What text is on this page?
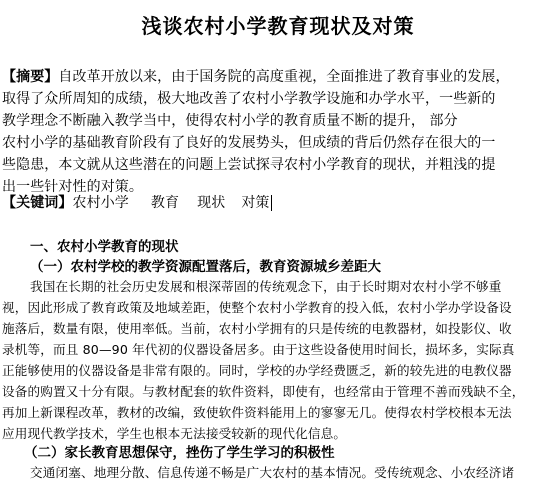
浅谈农村小学教育现状及对策
【摘要】自改革开放以来，由于国务院的高度重视，全面推进了教育事业的发展，
取得了众所周知的成绩，极大地改善了农村小学教学设施和办学水平，一些新的
教学理念不断融入教学当中，使得农村小学的教育质量不断的提升， 部分
农村小学的基础教育阶段有了良好的发展势头，但成绩的背后仍然存在很大的一
些隐患，本文就从这些潜在的问题上尝试探寻农村小学教育的现状，并粗浅的提
出一些针对性的对策。
【关键词】农村小学 教育 现状 对策
一、农村小学教育的现状
（一）农村学校的教学资源配置落后，教育资源城乡差距大
我国在长期的社会历史发展和根深蒂固的传统观念下，由于长时期对农村小学不够重
视，因此形成了教育政策及地域差距，使整个农村小学教育的投入低，农村小学办学设备设
施落后，数量有限，使用率低。当前，农村小学拥有的只是传统的电教器材，如投影仪、收
录机等，而且 80—90 年代初的仪器设备居多。由于这些设备使用时间长，损坏多，实际真
正能够使用的仪器设备是非常有限的。同时，学校的办学经费匮乏，新的较先进的电教仪器
设备的购置又十分有限。与教材配套的软件资料，即使有，也经常由于管理不善而残缺不全，
再加上新课程改革，教材的改编，致使软件资料能用上的寥寥无几。使得农村学校根本无法
应用现代教学技术，学生也根本无法接受较新的现代化信息。
（二）家长教育思想保守，挫伤了学生学习的积极性
交通闭塞、地理分散、信息传递不畅是广大农村的基本情况。受传统观念、小农经济诸
